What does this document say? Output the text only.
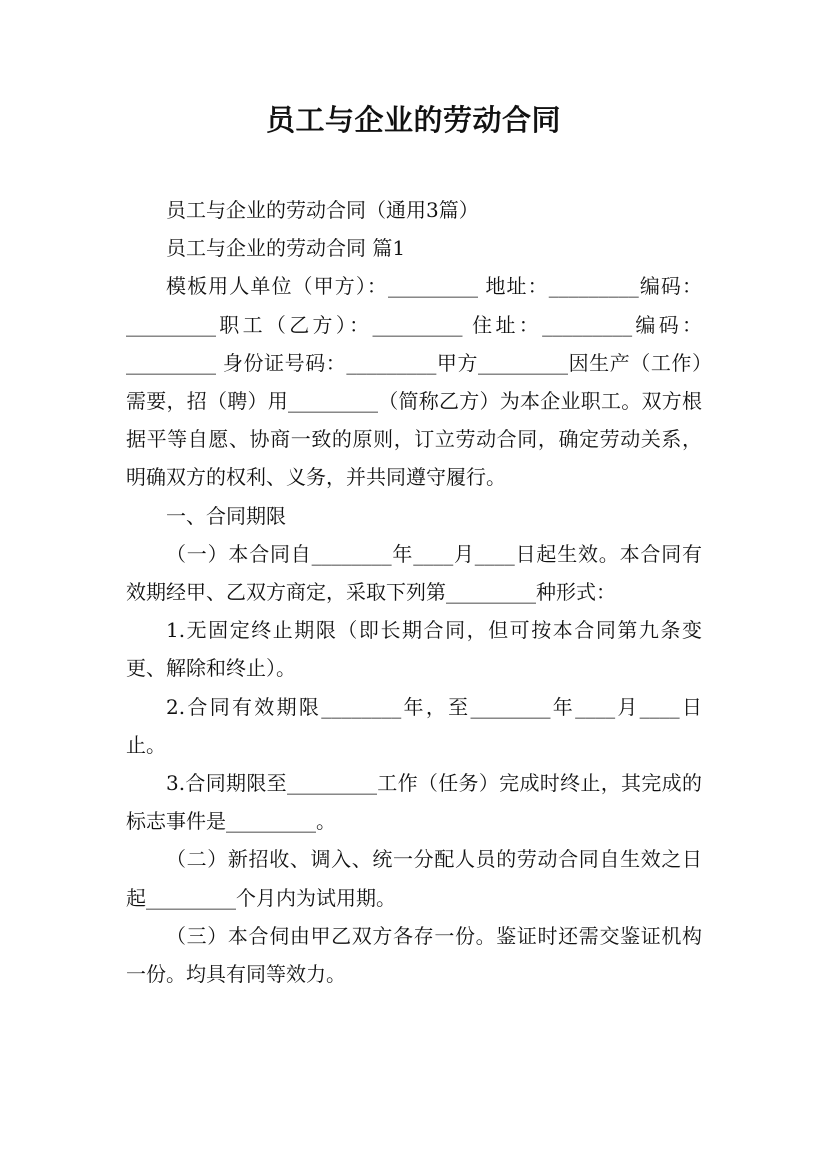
员工与企业的劳动合同

员工与企业的劳动合同（通用3篇）

员工与企业的劳动合同 篇1

模板用人单位（甲方）：_________ 地址：_________编码：_________职工（乙方）：_________ 住址：_________编码：_________ 身份证号码：_________甲方_________因生产（工作）需要，招（聘）用_________（简称乙方）为本企业职工。双方根据平等自愿、协商一致的原则，订立劳动合同，确定劳动关系，明确双方的权利、义务，并共同遵守履行。

一、合同期限

（一）本合同自________年____月____日起生效。本合同有效期经甲、乙双方商定，采取下列第_________种形式：

1.无固定终止期限（即长期合同，但可按本合同第九条变更、解除和终止）。

2.合同有效期限________年，至________年____月____日止。

3.合同期限至_________工作（任务）完成时终止，其完成的标志事件是_________。

（二）新招收、调入、统一分配人员的劳动合同自生效之日起_________个月内为试用期。

（三）本合伺由甲乙双方各存一份。鉴证时还需交鉴证机构一份。均具有同等效力。
